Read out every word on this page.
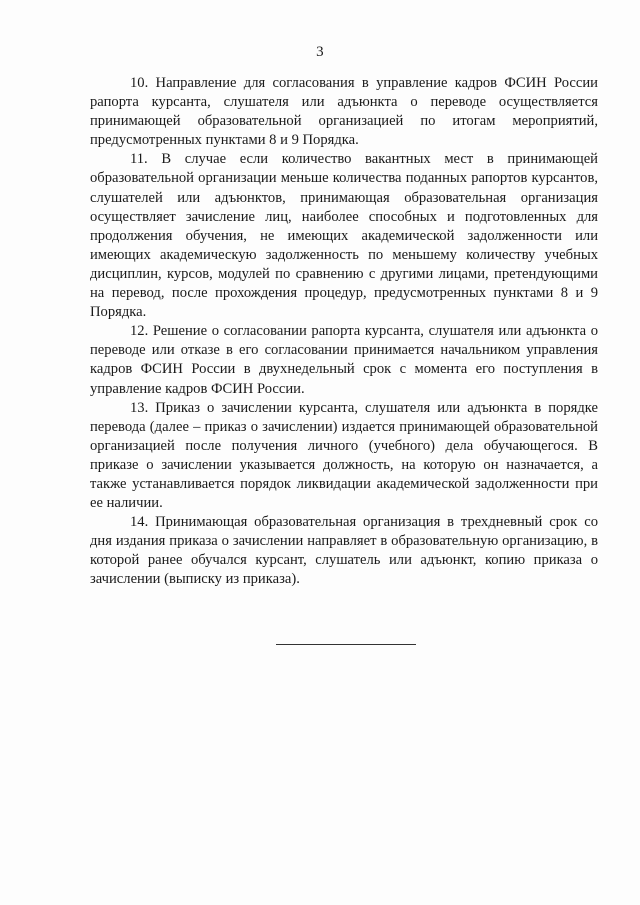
3

10. Направление для согласования в управление кадров ФСИН России рапорта курсанта, слушателя или адъюнкта о переводе осуществляется принимающей образовательной организацией по итогам мероприятий, предусмотренных пунктами 8 и 9 Порядка.

11. В случае если количество вакантных мест в принимающей образовательной организации меньше количества поданных рапортов курсантов, слушателей или адъюнктов, принимающая образовательная организация осуществляет зачисление лиц, наиболее способных и подготовленных для продолжения обучения, не имеющих академической задолженности или имеющих академическую задолженность по меньшему количеству учебных дисциплин, курсов, модулей по сравнению с другими лицами, претендующими на перевод, после прохождения процедур, предусмотренных пунктами 8 и 9 Порядка.

12. Решение о согласовании рапорта курсанта, слушателя или адъюнкта о переводе или отказе в его согласовании принимается начальником управления кадров ФСИН России в двухнедельный срок с момента его поступления в управление кадров ФСИН России.

13. Приказ о зачислении курсанта, слушателя или адъюнкта в порядке перевода (далее – приказ о зачислении) издается принимающей образовательной организацией после получения личного (учебного) дела обучающегося. В приказе о зачислении указывается должность, на которую он назначается, а также устанавливается порядок ликвидации академической задолженности при ее наличии.

14. Принимающая образовательная организация в трехдневный срок со дня издания приказа о зачислении направляет в образовательную организацию, в которой ранее обучался курсант, слушатель или адъюнкт, копию приказа о зачислении (выписку из приказа).
